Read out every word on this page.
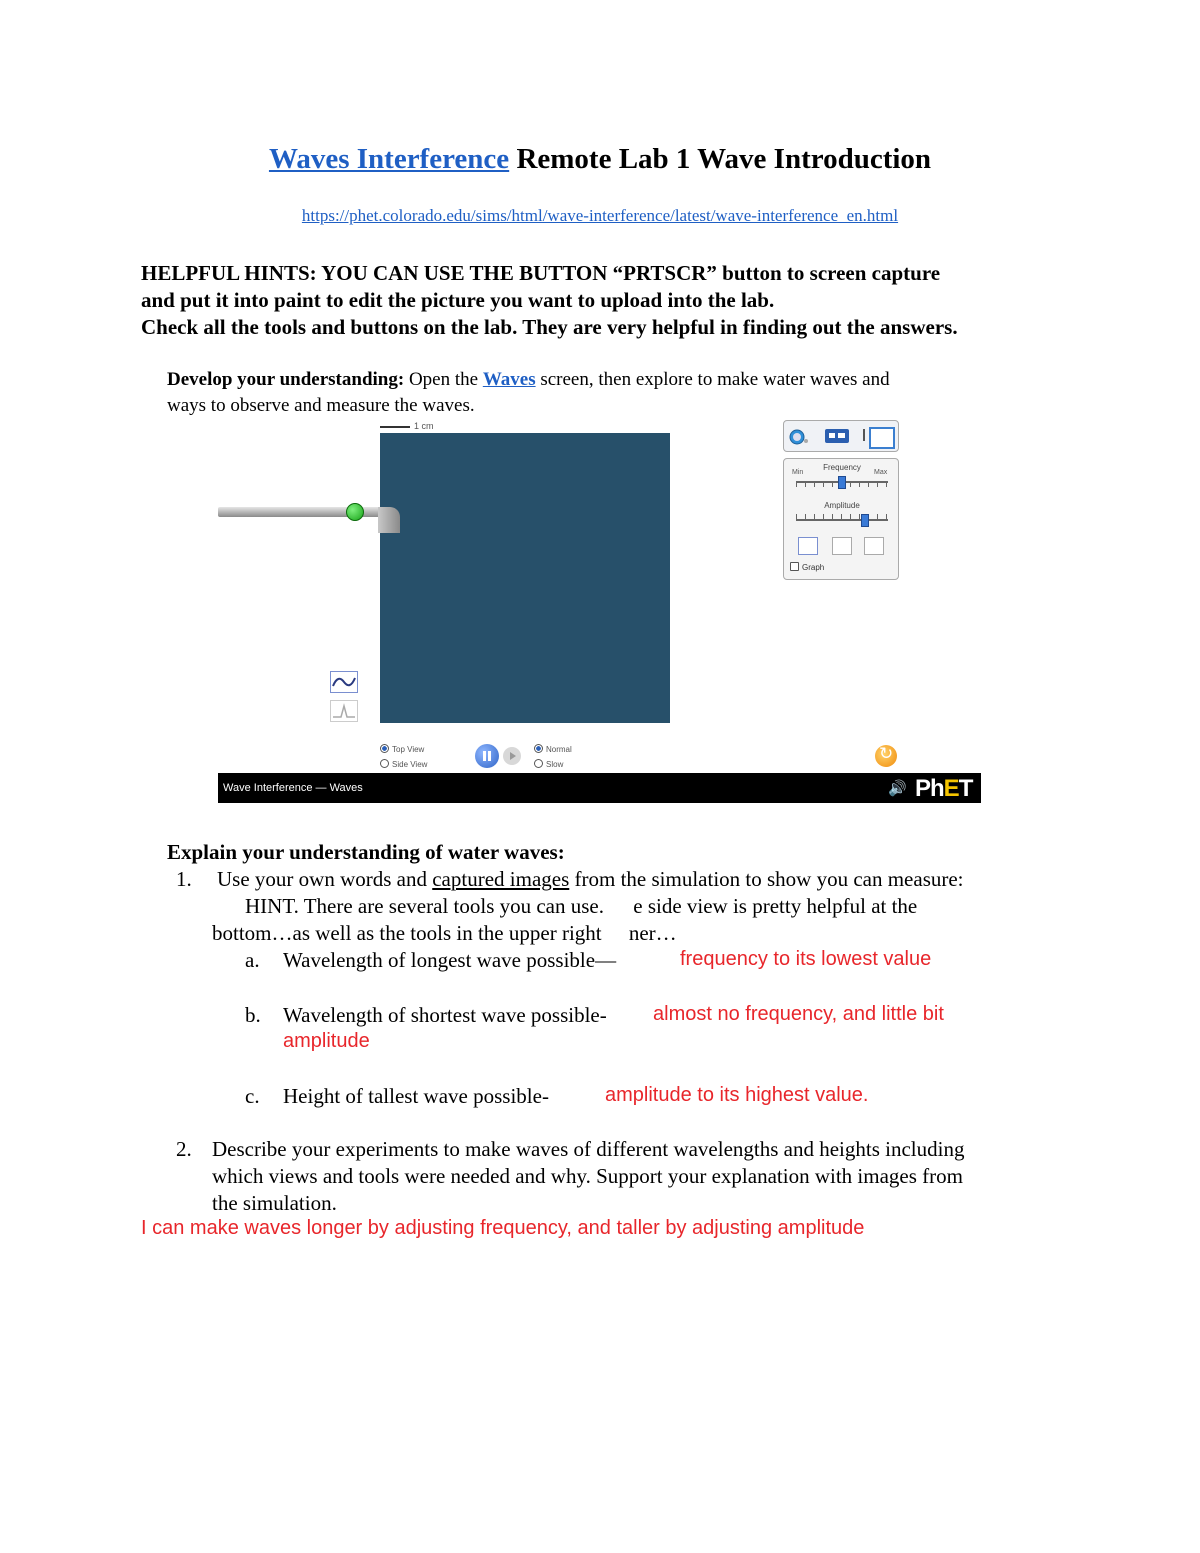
Waves Interference Remote Lab 1 Wave Introduction
https://phet.colorado.edu/sims/html/wave-interference/latest/wave-interference_en.html
HELPFUL HINTS: YOU CAN USE THE BUTTON “PRTSCR” button to screen capture
and put it into paint to edit the picture you want to upload into the lab.
Check all the tools and buttons on the lab. They are very helpful in finding out the answers.
Develop your understanding: Open the Waves screen, then explore to make water waves and
ways to observe and measure the waves.
1 cm
Frequency
Min	Max
Amplitude
Graph
Top View
Side View
Normal
Slow
↻
Wave Interference — Waves	🔊 PhET
Explain your understanding of water waves:
1. Use your own words and captured images from the simulation to show you can measure:
HINT. There are several tools you can use. e side view is pretty helpful at the
bottom…as well as the tools in the upper right ner…
a. Wavelength of longest wave possible—	frequency to its lowest value
b. Wavelength of shortest wave possible- almost no frequency, and little bit
amplitude
c. Height of tallest wave possible-	amplitude to its highest value.
2. Describe your experiments to make waves of different wavelengths and heights including
which views and tools were needed and why. Support your explanation with images from
the simulation.
I can make waves longer by adjusting frequency, and taller by adjusting amplitude
